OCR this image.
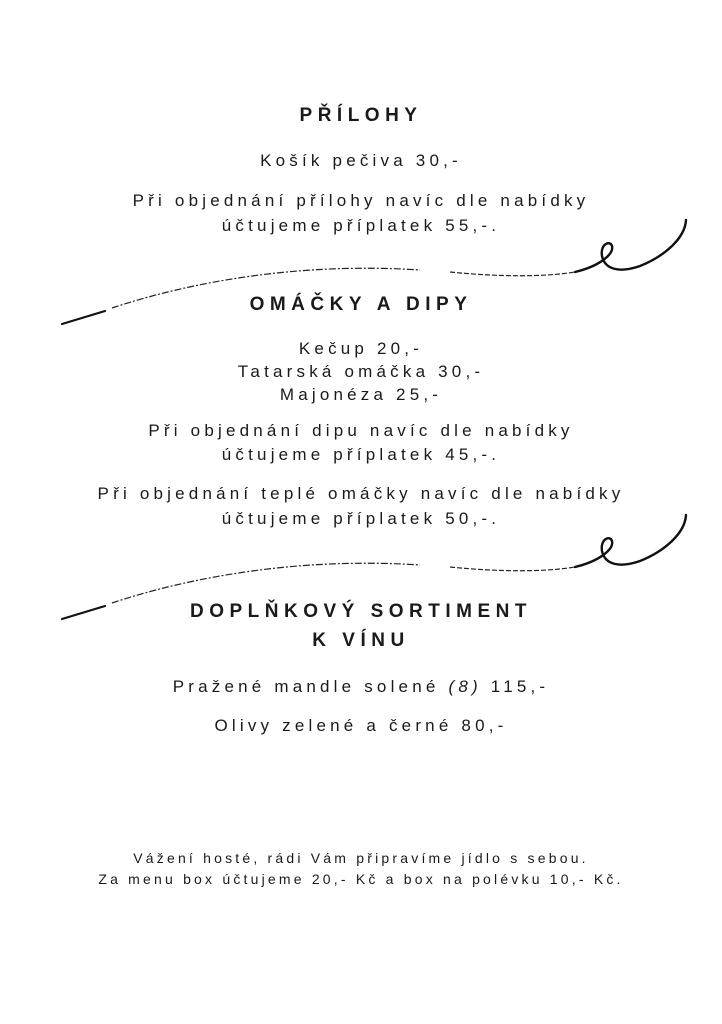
PŘÍLOHY
Košík pečiva 30,-
Při objednání přílohy navíc dle nabídky
účtujeme příplatek 55,-.
OMÁČKY A DIPY
Kečup 20,-
Tatarská omáčka 30,-
Majonéza 25,-
Při objednání dipu navíc dle nabídky
účtujeme příplatek 45,-.
Při objednání teplé omáčky navíc dle nabídky
účtujeme příplatek 50,-.
DOPLŇKOVÝ SORTIMENT
K VÍNU
Pražené mandle solené (8) 115,-
Olivy zelené a černé 80,-
Vážení hosté, rádi Vám připravíme jídlo s sebou.
Za menu box účtujeme 20,- Kč a box na polévku 10,- Kč.
